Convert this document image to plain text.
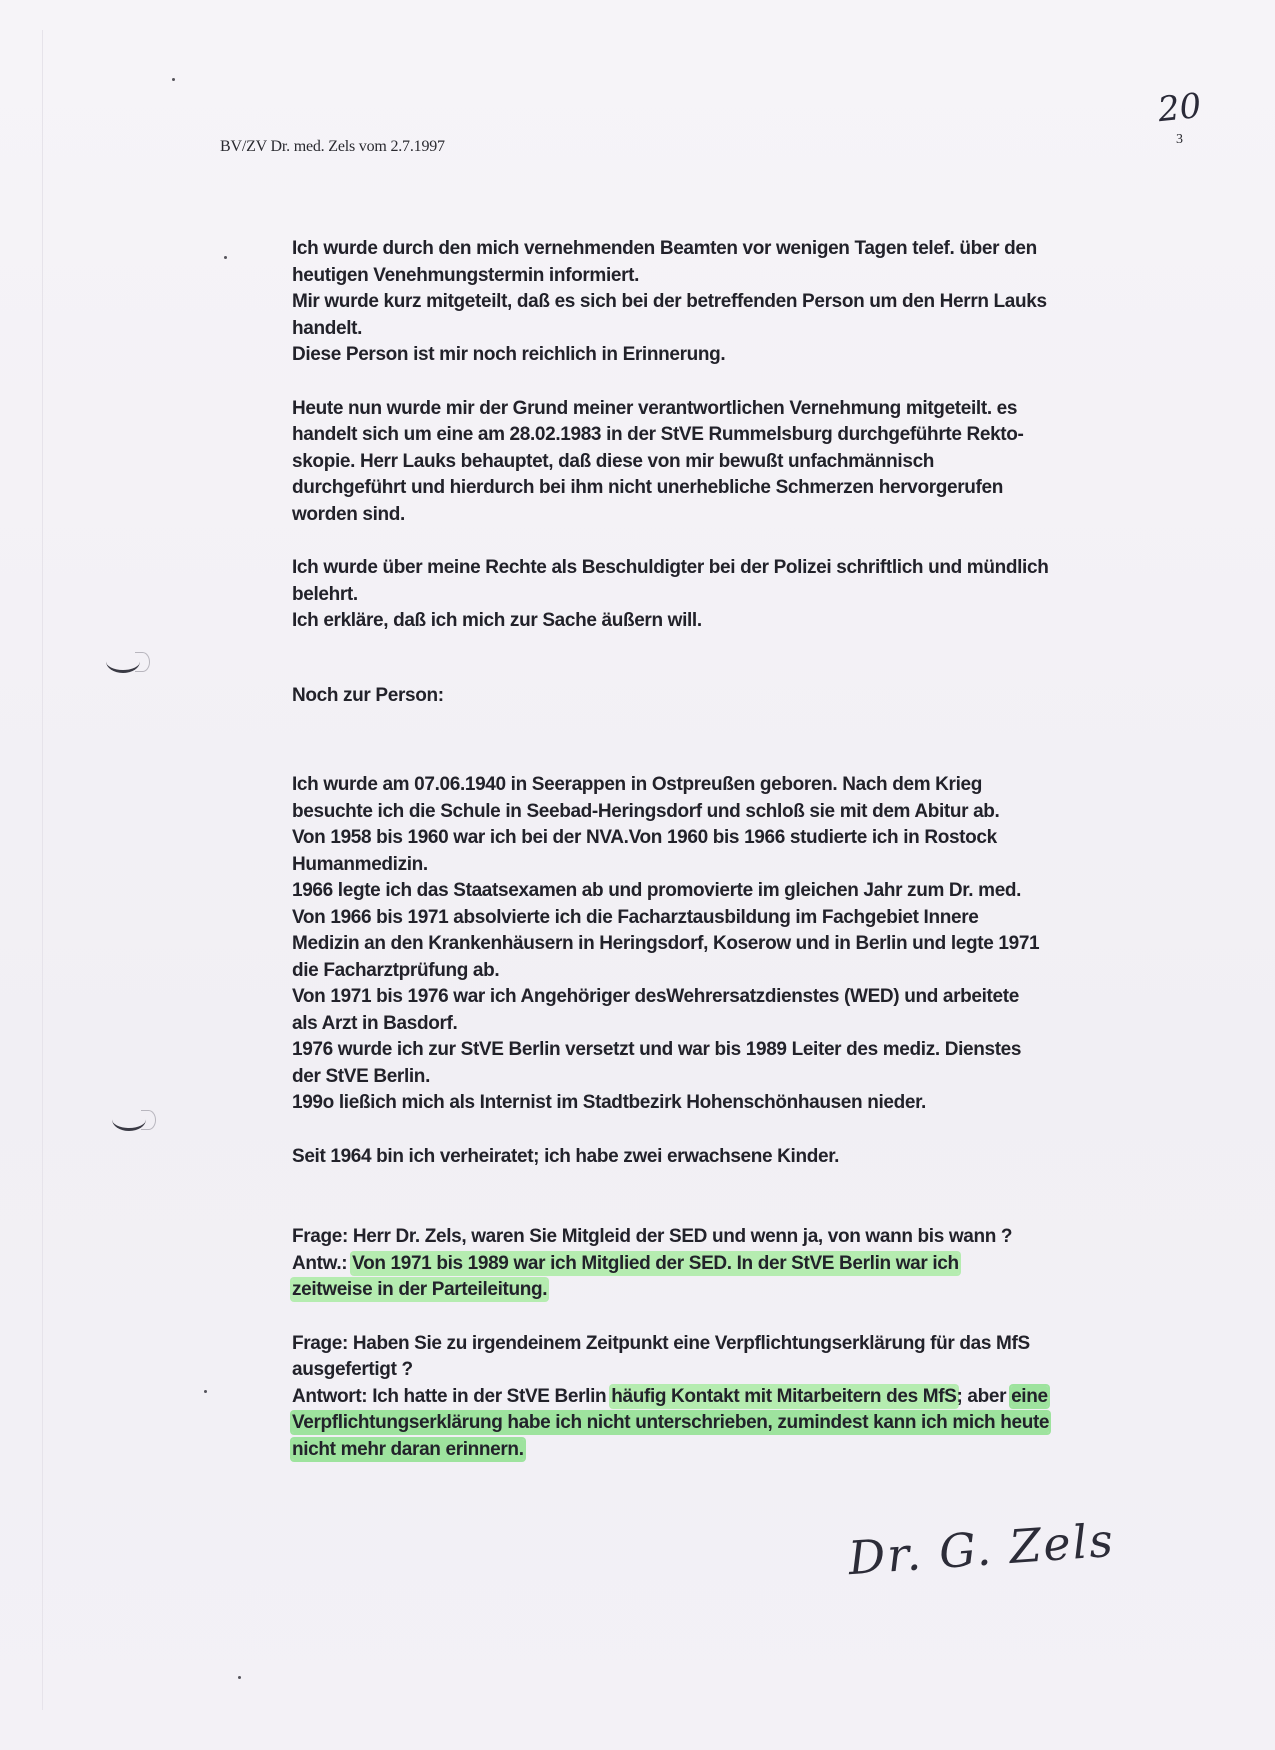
BV/ZV Dr. med. Zels vom 2.7.1997
20
3

Ich wurde durch den mich vernehmenden Beamten vor wenigen Tagen telef. über den

heutigen Venehmungstermin informiert.

Mir wurde kurz mitgeteilt, daß es sich bei der betreffenden Person um den Herrn Lauks

handelt.

Diese Person ist mir noch reichlich in Erinnerung.

Heute nun wurde mir der Grund meiner verantwortlichen Vernehmung mitgeteilt. es

handelt sich um eine am 28.02.1983 in der StVE Rummelsburg durchgeführte Rekto-

skopie. Herr Lauks behauptet, daß diese von mir bewußt unfachmännisch

durchgeführt und hierdurch bei ihm nicht unerhebliche Schmerzen hervorgerufen

worden sind.

Ich wurde über meine Rechte als Beschuldigter bei der Polizei schriftlich und mündlich

belehrt.

Ich erkläre, daß ich mich zur Sache äußern will.

Noch zur Person:

Ich wurde am 07.06.1940 in Seerappen in Ostpreußen geboren. Nach dem Krieg

besuchte ich die Schule in Seebad-Heringsdorf und schloß sie mit dem Abitur ab.

Von 1958 bis 1960 war ich bei der NVA.Von 1960 bis 1966 studierte ich in Rostock

Humanmedizin.

1966 legte ich das Staatsexamen ab und promovierte im gleichen Jahr zum Dr. med.

Von 1966 bis 1971 absolvierte ich die Facharztausbildung im Fachgebiet Innere

Medizin an den Krankenhäusern in Heringsdorf, Koserow und in Berlin und legte 1971

die Facharztprüfung ab.

Von 1971 bis 1976 war ich Angehöriger desWehrersatzdienstes (WED) und arbeitete

als Arzt in Basdorf.

1976 wurde ich zur StVE Berlin versetzt und war bis 1989 Leiter des mediz. Dienstes

der StVE Berlin.

199o ließich mich als Internist im Stadtbezirk Hohenschönhausen nieder.

Seit 1964 bin ich verheiratet; ich habe zwei erwachsene Kinder.

Frage: Herr Dr. Zels, waren Sie Mitgleid der SED und wenn ja, von wann bis wann ?

Antw.: Von 1971 bis 1989 war ich Mitglied der SED. In der StVE Berlin war ich

zeitweise in der Parteileitung.

Frage: Haben Sie zu irgendeinem Zeitpunkt eine Verpflichtungserklärung für das MfS

ausgefertigt ?

Antwort: Ich hatte in der StVE Berlin häufig Kontakt mit Mitarbeitern des MfS; aber eine

Verpflichtungserklärung habe ich nicht unterschrieben, zumindest kann ich mich heute

nicht mehr daran erinnern.

Dr. G. Zels
